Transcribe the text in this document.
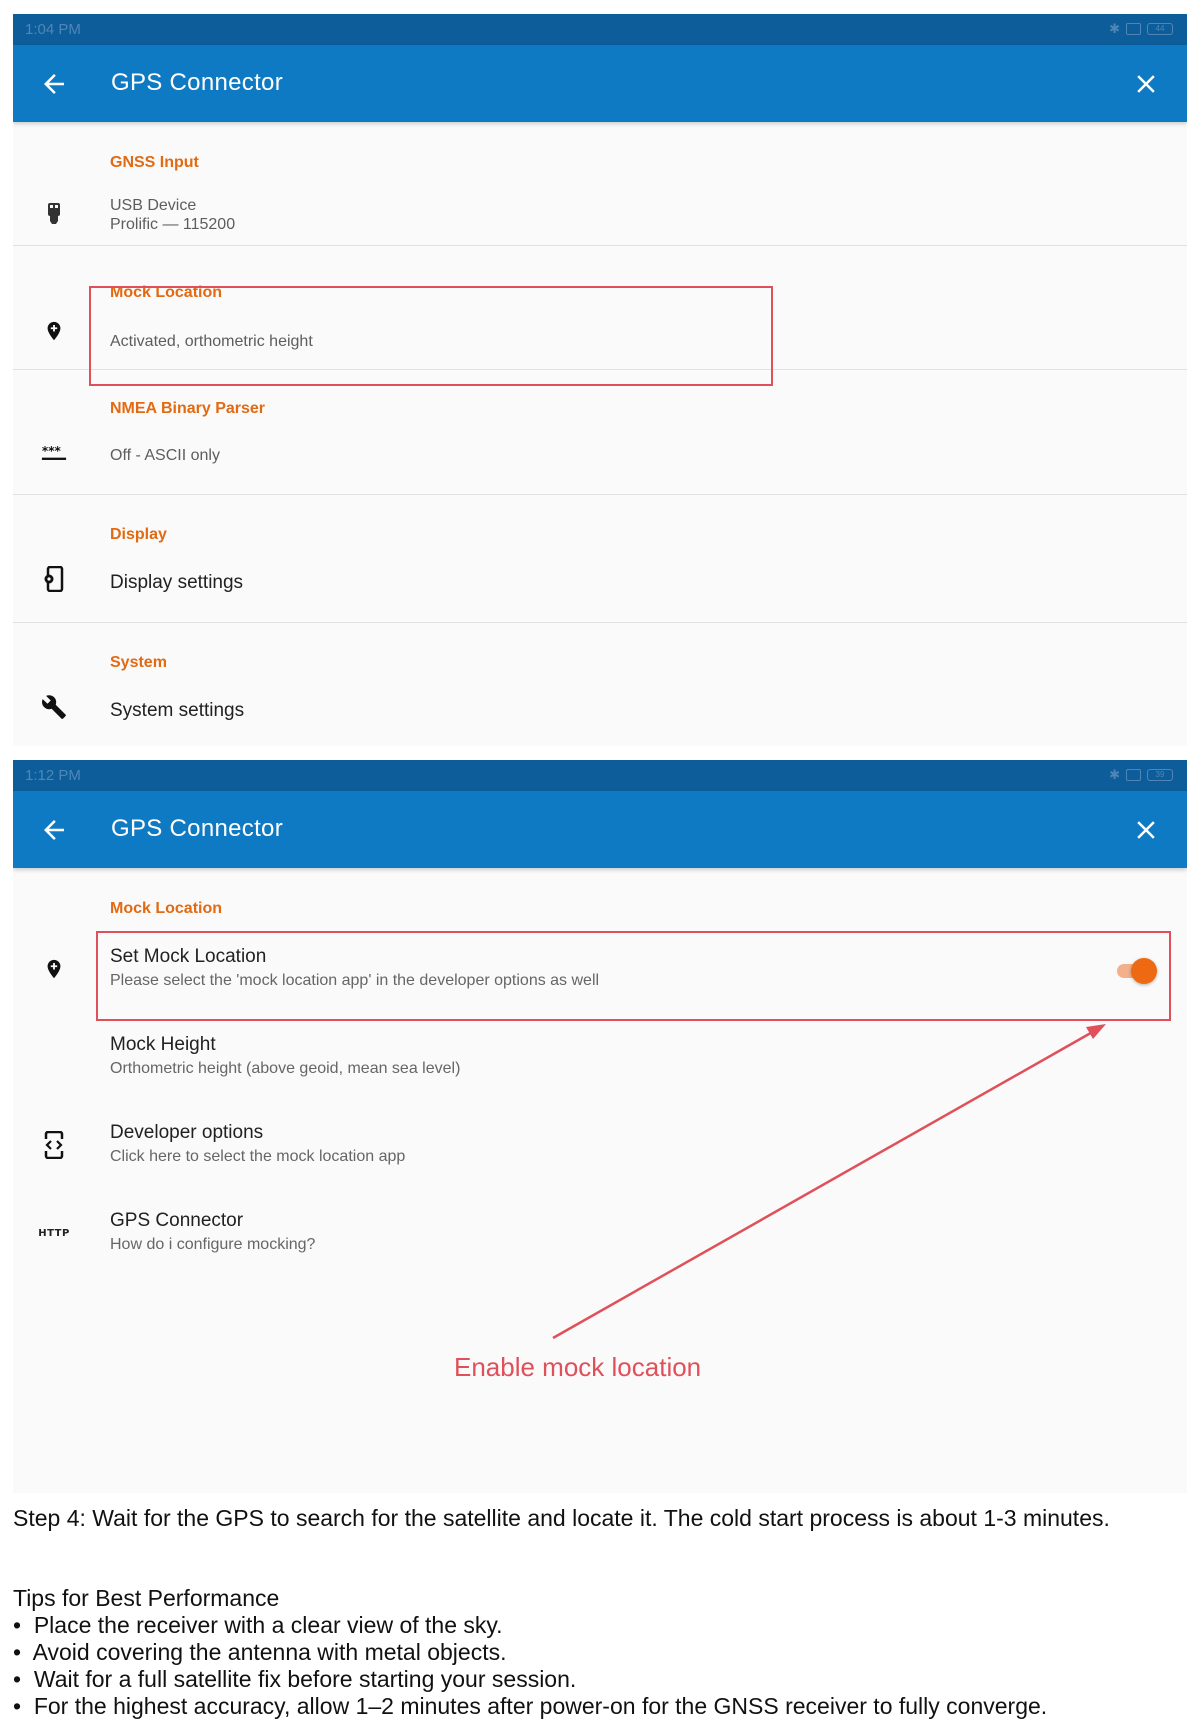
1:04 PM	✱	44
GPS Connector
GNSS Input
USB Device
Prolific — 115200
Mock Location
Activated, orthometric height
NMEA Binary Parser
***	Off - ASCII only
Display
Display settings
System
System settings
1:12 PM	✱	39
GPS Connector
Mock Location
Set Mock Location
Please select the 'mock location app' in the developer options as well
Mock Height
Orthometric height (above geoid, mean sea level)
Developer options
Click here to select the mock location app
HTTP
GPS Connector
How do i configure mocking?
Enable mock location
Step 4: Wait for the GPS to search for the satellite and locate it. The cold start process is about 1-3 minutes.
Tips for Best Performance
•  Place the receiver with a clear view of the sky.
•  Avoid covering the antenna with metal objects.
•  Wait for a full satellite fix before starting your session.
•  For the highest accuracy, allow 1–2 minutes after power-on for the GNSS receiver to fully converge.
